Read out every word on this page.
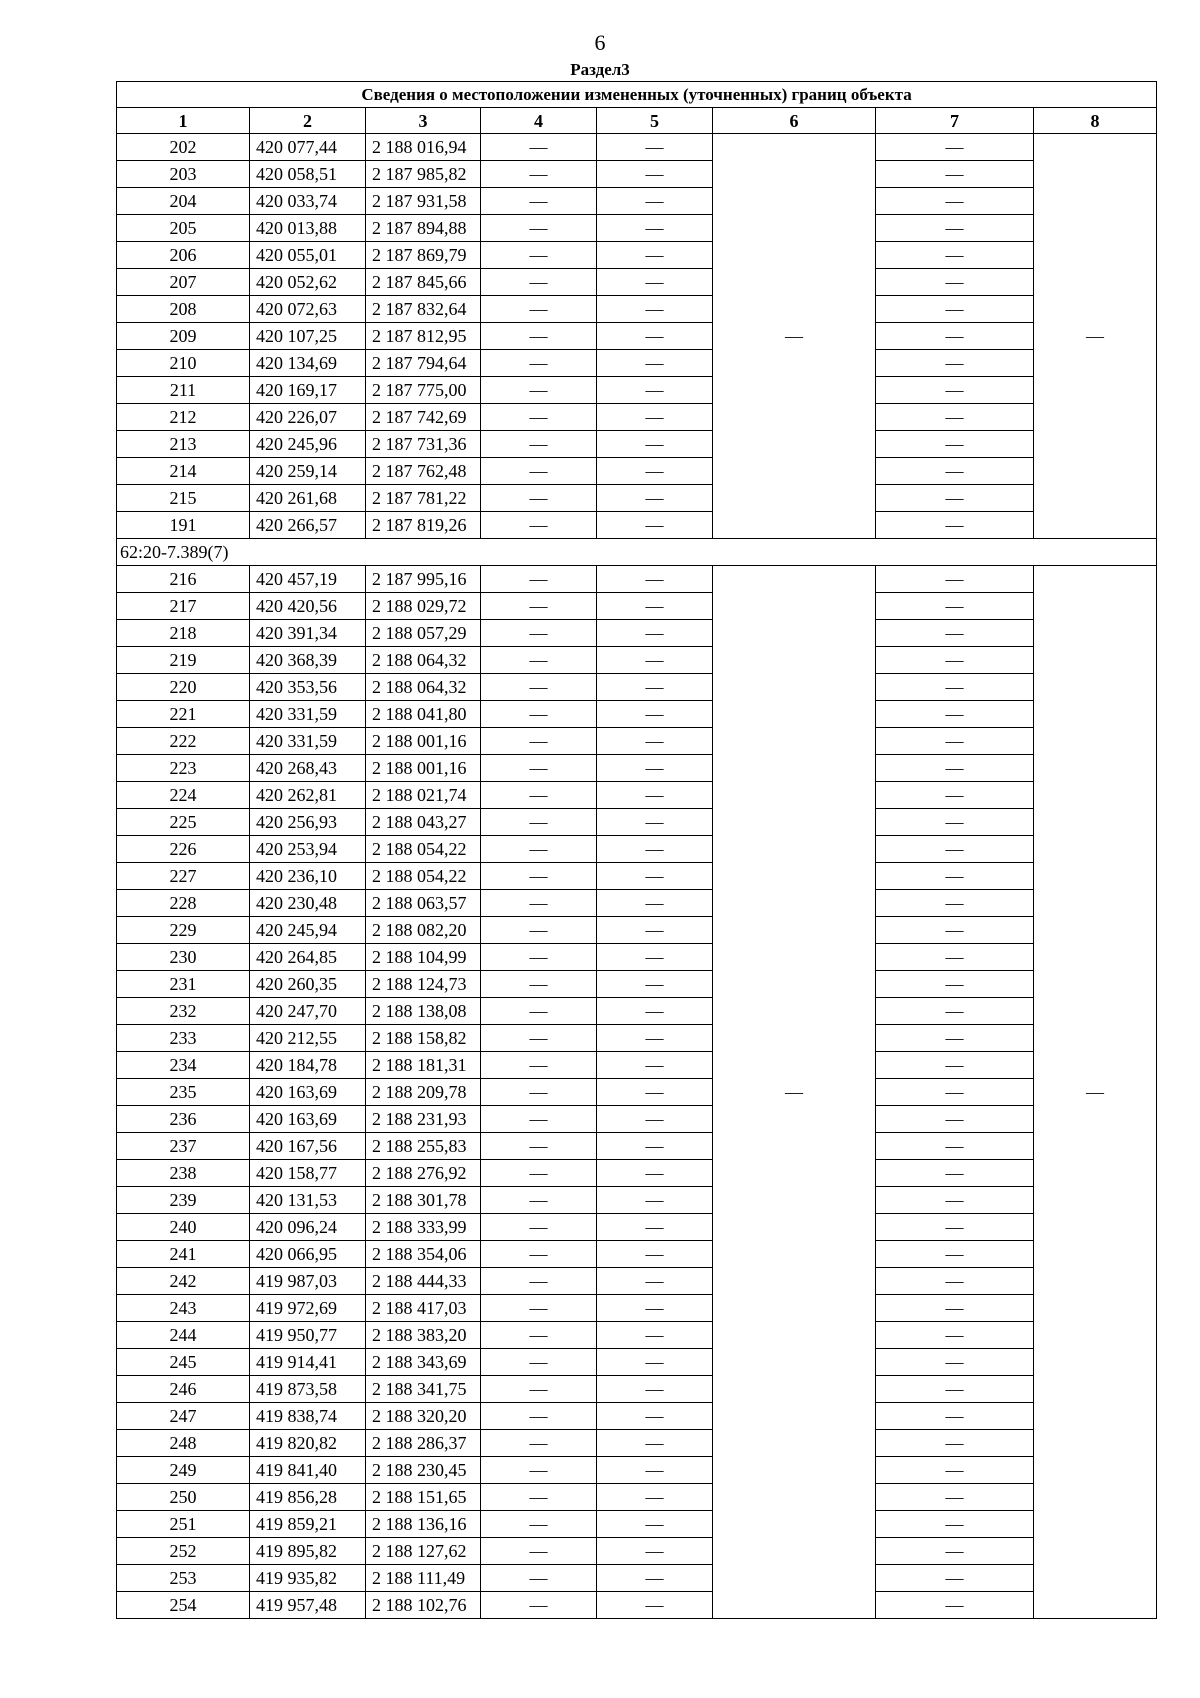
6
Раздел3
Сведения о местоположении измененных (уточненных) границ объекта							
1	2	3	4	5	6	7	8
202	420 077,44	2 188 016,94	—	—	—	—	—
203	420 058,51	2 187 985,82	—	—		—	
204	420 033,74	2 187 931,58	—	—		—	
205	420 013,88	2 187 894,88	—	—		—	
206	420 055,01	2 187 869,79	—	—		—	
207	420 052,62	2 187 845,66	—	—		—	
208	420 072,63	2 187 832,64	—	—		—	
209	420 107,25	2 187 812,95	—	—		—	
210	420 134,69	2 187 794,64	—	—		—	
211	420 169,17	2 187 775,00	—	—		—	
212	420 226,07	2 187 742,69	—	—		—	
213	420 245,96	2 187 731,36	—	—		—	
214	420 259,14	2 187 762,48	—	—		—	
215	420 261,68	2 187 781,22	—	—		—	
191	420 266,57	2 187 819,26	—	—		—	
62:20-7.389(7)							
216	420 457,19	2 187 995,16	—	—	—	—	—
217	420 420,56	2 188 029,72	—	—		—	
218	420 391,34	2 188 057,29	—	—		—	
219	420 368,39	2 188 064,32	—	—		—	
220	420 353,56	2 188 064,32	—	—		—	
221	420 331,59	2 188 041,80	—	—		—	
222	420 331,59	2 188 001,16	—	—		—	
223	420 268,43	2 188 001,16	—	—		—	
224	420 262,81	2 188 021,74	—	—		—	
225	420 256,93	2 188 043,27	—	—		—	
226	420 253,94	2 188 054,22	—	—		—	
227	420 236,10	2 188 054,22	—	—		—	
228	420 230,48	2 188 063,57	—	—		—	
229	420 245,94	2 188 082,20	—	—		—	
230	420 264,85	2 188 104,99	—	—		—	
231	420 260,35	2 188 124,73	—	—		—	
232	420 247,70	2 188 138,08	—	—		—	
233	420 212,55	2 188 158,82	—	—		—	
234	420 184,78	2 188 181,31	—	—		—	
235	420 163,69	2 188 209,78	—	—		—	
236	420 163,69	2 188 231,93	—	—		—	
237	420 167,56	2 188 255,83	—	—		—	
238	420 158,77	2 188 276,92	—	—		—	
239	420 131,53	2 188 301,78	—	—		—	
240	420 096,24	2 188 333,99	—	—		—	
241	420 066,95	2 188 354,06	—	—		—	
242	419 987,03	2 188 444,33	—	—		—	
243	419 972,69	2 188 417,03	—	—		—	
244	419 950,77	2 188 383,20	—	—		—	
245	419 914,41	2 188 343,69	—	—		—	
246	419 873,58	2 188 341,75	—	—		—	
247	419 838,74	2 188 320,20	—	—		—	
248	419 820,82	2 188 286,37	—	—		—	
249	419 841,40	2 188 230,45	—	—		—	
250	419 856,28	2 188 151,65	—	—		—	
251	419 859,21	2 188 136,16	—	—		—	
252	419 895,82	2 188 127,62	—	—		—	
253	419 935,82	2 188 111,49	—	—		—	
254	419 957,48	2 188 102,76	—	—		—	
